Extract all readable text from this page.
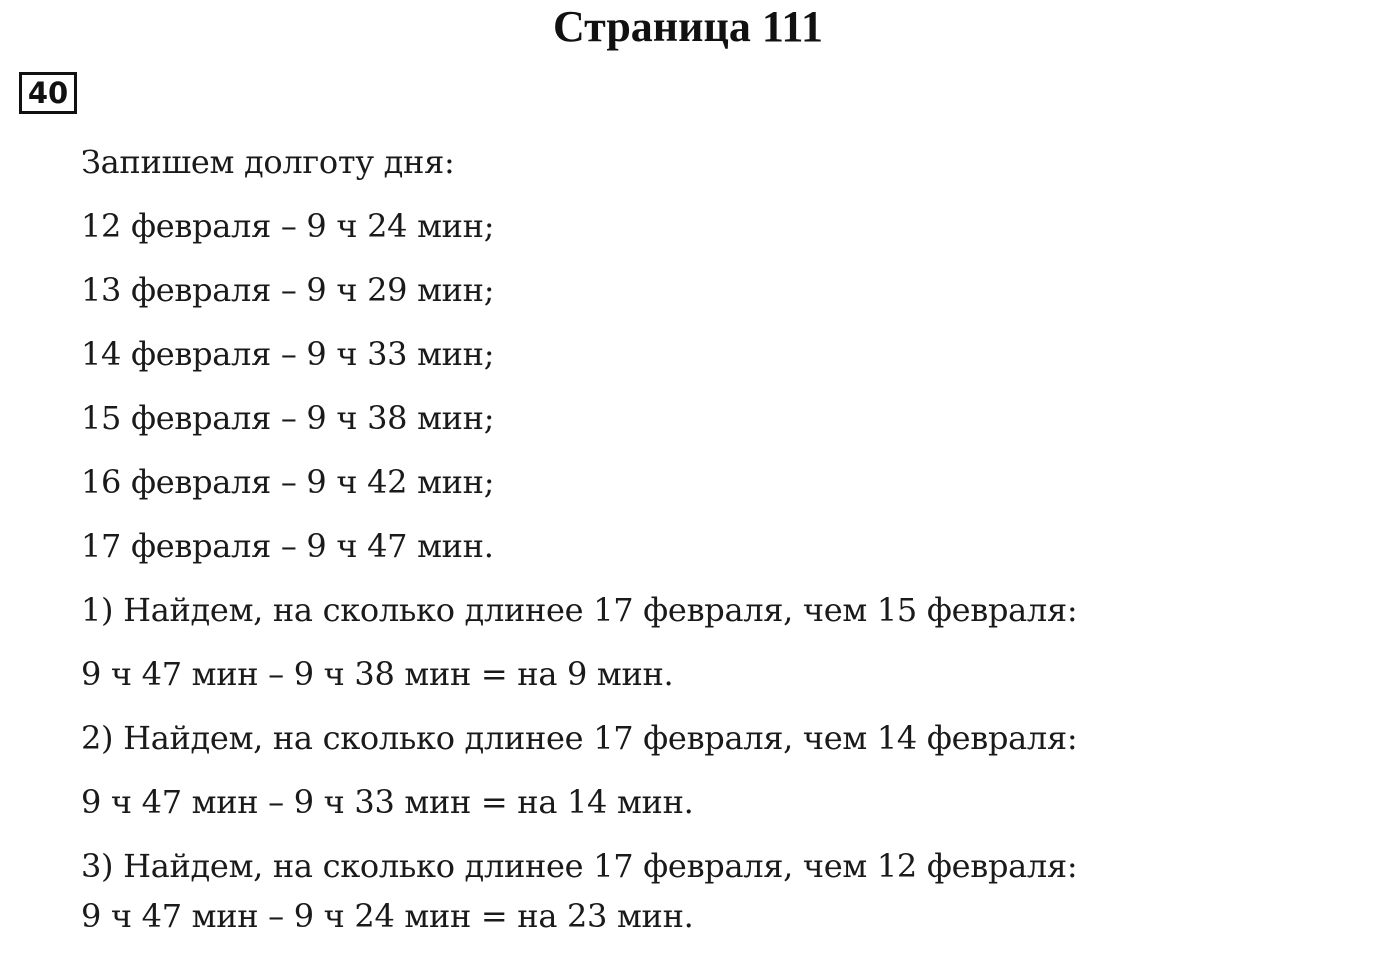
Страница 111
40
Запишем долготу дня:
12 февраля – 9 ч 24 мин;
13 февраля – 9 ч 29 мин;
14 февраля – 9 ч 33 мин;
15 февраля – 9 ч 38 мин;
16 февраля – 9 ч 42 мин;
17 февраля – 9 ч 47 мин.
1) Найдем, на сколько длинее 17 февраля, чем 15 февраля:
9 ч 47 мин – 9 ч 38 мин = на 9 мин.
2) Найдем, на сколько длинее 17 февраля, чем 14 февраля:
9 ч 47 мин – 9 ч 33 мин = на 14 мин.
3) Найдем, на сколько длинее 17 февраля, чем 12 февраля:
9 ч 47 мин – 9 ч 24 мин = на 23 мин.
